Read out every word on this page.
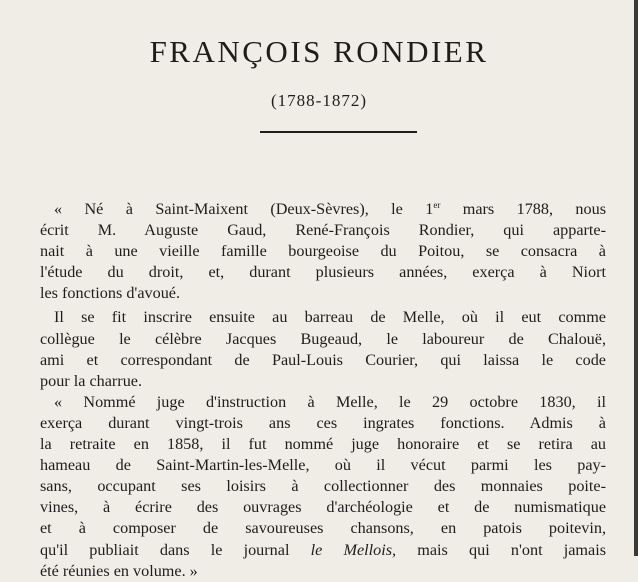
FRANÇOIS RONDIER
(1788-1872)
« Né à Saint-Maixent (Deux-Sèvres), le 1er mars 1788, nous
écrit M. Auguste Gaud, René-François Rondier, qui apparte-
nait à une vieille famille bourgeoise du Poitou, se consacra à
l'étude du droit, et, durant plusieurs années, exerça à Niort
les fonctions d'avoué.
Il se fit inscrire ensuite au barreau de Melle, où il eut comme
collègue le célèbre Jacques Bugeaud, le laboureur de Chalouë,
ami et correspondant de Paul-Louis Courier, qui laissa le code
pour la charrue.
« Nommé juge d'instruction à Melle, le 29 octobre 1830, il
exerça durant vingt-trois ans ces ingrates fonctions. Admis à
la retraite en 1858, il fut nommé juge honoraire et se retira au
hameau de Saint-Martin-les-Melle, où il vécut parmi les pay-
sans, occupant ses loisirs à collectionner des monnaies poite-
vines, à écrire des ouvrages d'archéologie et de numismatique
et à composer de savoureuses chansons, en patois poitevin,
qu'il publiait dans le journal le Mellois, mais qui n'ont jamais
été réunies en volume. »
